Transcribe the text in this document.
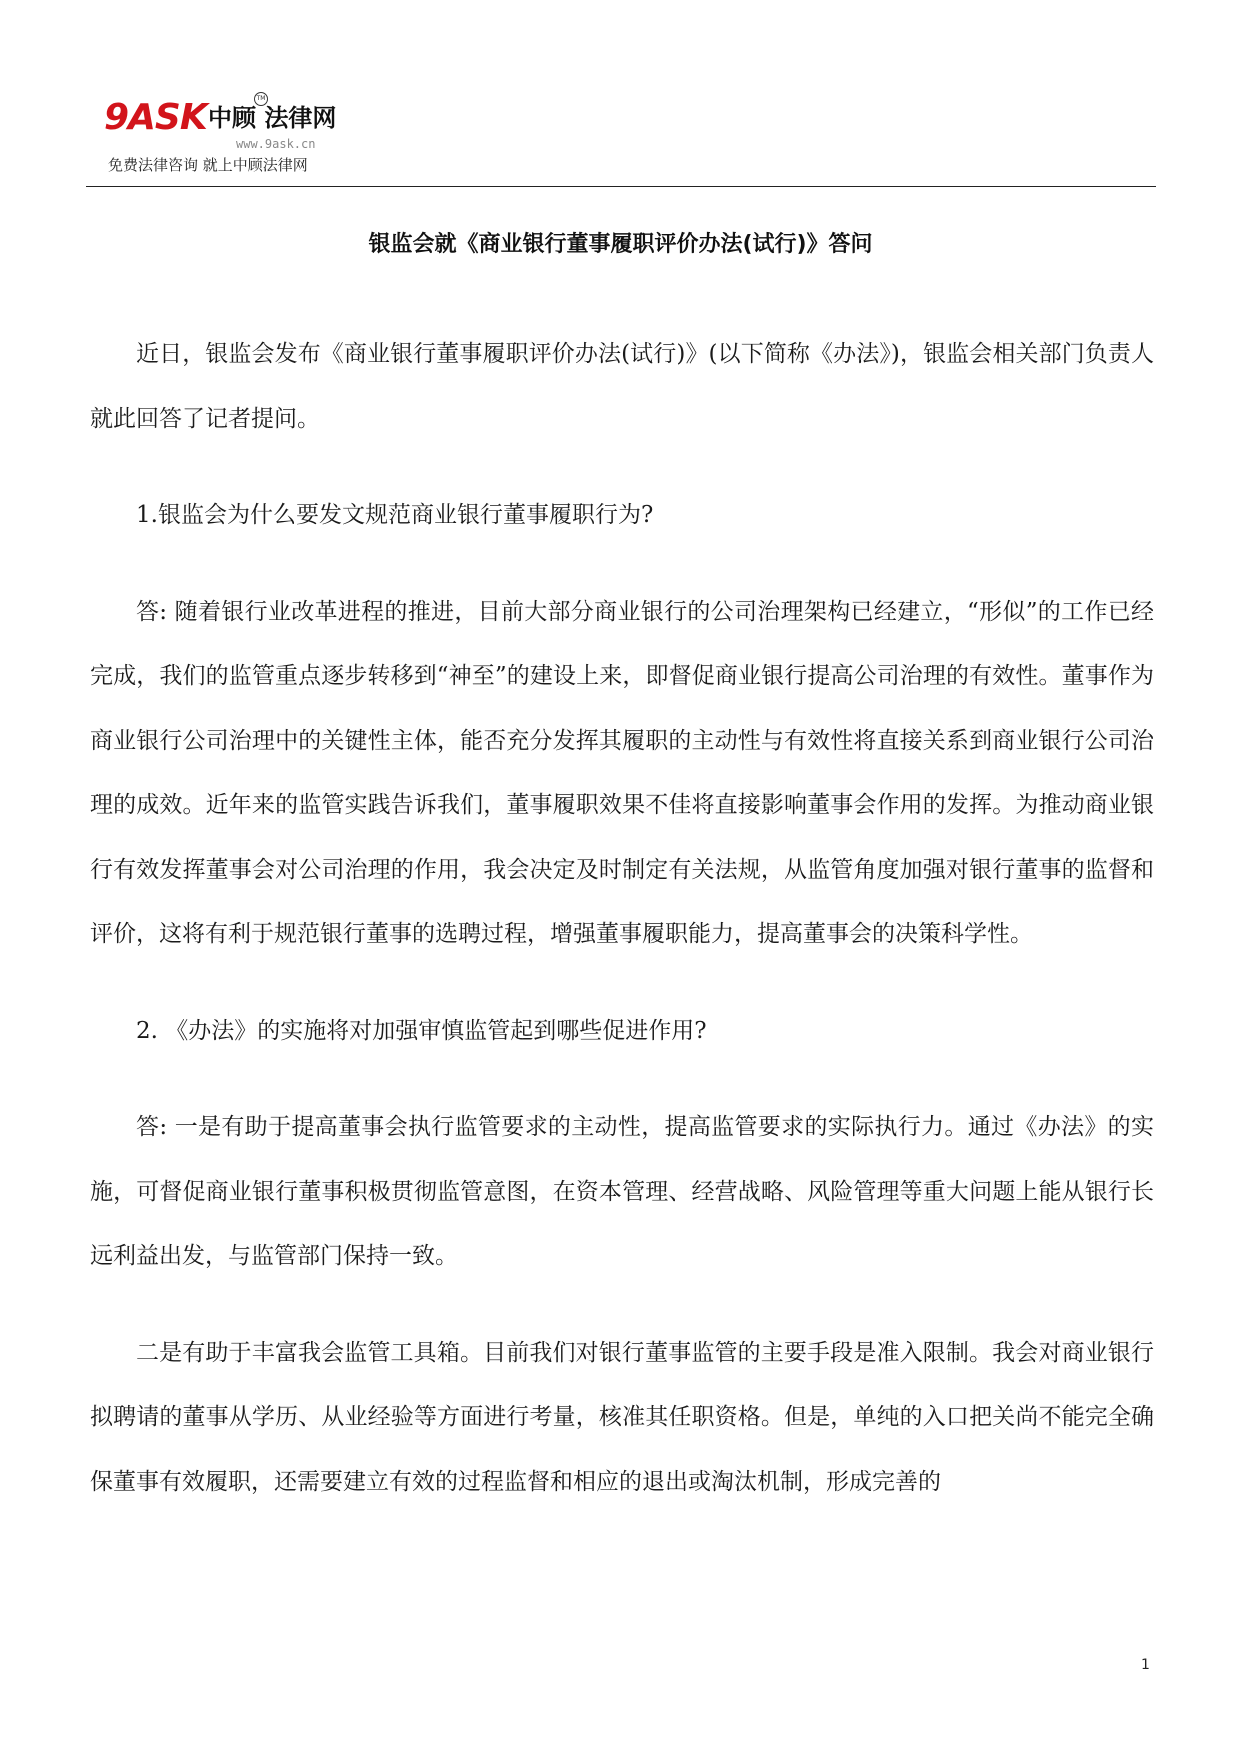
9ASK 中顾 法律网
TM
www.9ask.cn
免费法律咨询 就上中顾法律网
银监会就《商业银行董事履职评价办法(试行)》答问

近日，银监会发布《商业银行董事履职评价办法(试行)》(以下简称《办法》)，银监会相关部门负责人就此回答了记者提问。

1.银监会为什么要发文规范商业银行董事履职行为?

答: 随着银行业改革进程的推进，目前大部分商业银行的公司治理架构已经建立，“形似”的工作已经完成，我们的监管重点逐步转移到“神至”的建设上来，即督促商业银行提高公司治理的有效性。董事作为商业银行公司治理中的关键性主体，能否充分发挥其履职的主动性与有效性将直接关系到商业银行公司治理的成效。近年来的监管实践告诉我们，董事履职效果不佳将直接影响董事会作用的发挥。为推动商业银行有效发挥董事会对公司治理的作用，我会决定及时制定有关法规，从监管角度加强对银行董事的监督和评价，这将有利于规范银行董事的选聘过程，增强董事履职能力，提高董事会的决策科学性。

2. 《办法》的实施将对加强审慎监管起到哪些促进作用?

答: 一是有助于提高董事会执行监管要求的主动性，提高监管要求的实际执行力。通过《办法》的实施，可督促商业银行董事积极贯彻监管意图，在资本管理、经营战略、风险管理等重大问题上能从银行长远利益出发，与监管部门保持一致。

二是有助于丰富我会监管工具箱。目前我们对银行董事监管的主要手段是准入限制。我会对商业银行拟聘请的董事从学历、从业经验等方面进行考量，核准其任职资格。但是，单纯的入口把关尚不能完全确保董事有效履职，还需要建立有效的过程监督和相应的退出或淘汰机制，形成完善的

1
